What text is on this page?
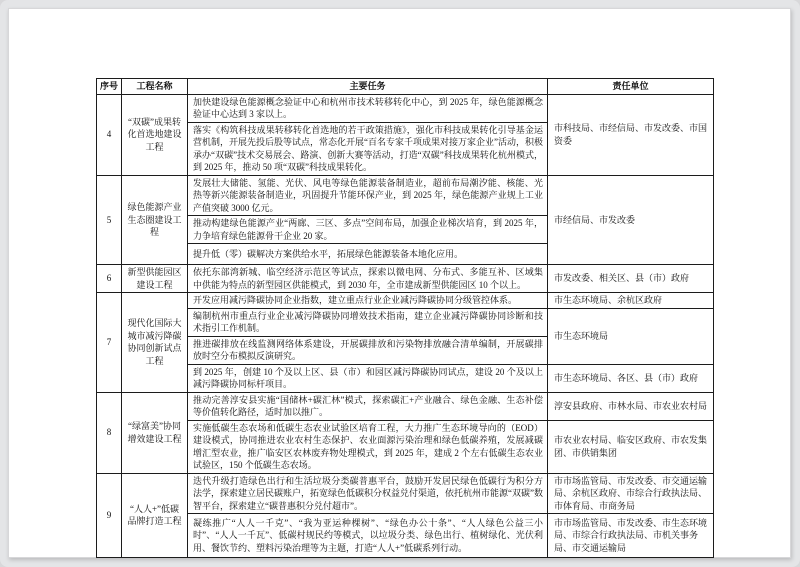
序号	工程名称	主要任务	责任单位
4	“双碳”成果转化首选地建设工程	加快建设绿色能源概念验证中心和杭州市技术转移转化中心，到 2025 年，绿色能源概念验证中心达到 3 家以上。	市科技局、市经信局、市发改委、市国资委
		落实《构筑科技成果转移转化首选地的若干政策措施》，强化市科技成果转化引导基金运营机制，开展先投后股等试点，常态化开展“百名专家千项成果对接万家企业”活动，积极承办“双碳”技术交易展会、路演、创新大赛等活动，打造“双碳”科技成果转化杭州模式，到 2025 年，推动 50 项“双碳”科技成果转化。	
5	绿色能源产业生态圈建设工程	发展壮大储能、氢能、光伏、风电等绿色能源装备制造业，超前布局潮汐能、核能、光热等新兴能源装备制造业，巩固提升节能环保产业，到 2025 年，绿色能源产业规上工业产值突破 3000 亿元。	市经信局、市发改委
		推动构建绿色能源产业“两廊、三区、多点”空间布局，加强企业梯次培育，到 2025 年，力争培育绿色能源骨干企业 20 家。	
		提升低（零）碳解决方案供给水平，拓展绿色能源装备本地化应用。	
6	新型供能园区建设工程	依托东部湾新城、临空经济示范区等试点，探索以微电网、分布式、多能互补、区域集中供能为特点的新型园区供能模式，到 2030 年，全市建成新型供能园区 10 个以上。	市发改委、相关区、县（市）政府
7	现代化国际大城市减污降碳协同创新试点工程	开发应用减污降碳协同企业指数，建立重点行业企业减污降碳协同分级管控体系。	市生态环境局、余杭区政府
		编制杭州市重点行业企业减污降碳协同增效技术指南，建立企业减污降碳协同诊断和技术指引工作机制。	市生态环境局
		推进碳排放在线监测网络体系建设，开展碳排放和污染物排放融合清单编制，开展碳排放时空分布模拟反演研究。	
		到 2025 年，创建 10 个及以上区、县（市）和园区减污降碳协同试点，建设 20 个及以上减污降碳协同标杆项目。	市生态环境局、各区、县（市）政府
8	“绿富美”协同增效建设工程	推动完善淳安县实施“国储林+碳汇林”模式，探索碳汇+产业融合、绿色金融、生态补偿等价值转化路径，适时加以推广。	淳安县政府、市林水局、市农业农村局
		实施低碳生态农场和低碳生态农业试验区培育工程，大力推广生态环境导向的（EOD）建设模式，协同推进农业农村生态保护、农业面源污染治理和绿色低碳养殖，发展减碳增汇型农业，推广临安区农林废弃物处理模式，到 2025 年，建成 2 个左右低碳生态农业试验区，150 个低碳生态农场。	市农业农村局、临安区政府、市农发集团、市供销集团
9	“人人+”低碳品牌打造工程	迭代升级打造绿色出行和生活垃圾分类碳普惠平台，鼓励开发居民绿色低碳行为积分方法学，探索建立居民碳账户，拓宽绿色低碳积分权益兑付渠道，依托杭州市能源“双碳”数智平台，探索建立“碳普惠积分兑付超市”。	市市场监管局、市发改委、市交通运输局、余杭区政府、市综合行政执法局、市体育局、市商务局
		凝练推广“人人一千克”、“我为亚运种棵树”、“绿色办公十条”、“人人绿色公益三小时”、“人人一千瓦”、低碳村规民约等模式，以垃圾分类、绿色出行、植树绿化、光伏利用、餐饮节约、塑料污染治理等为主题，打造“人人+”低碳系列行动。	市市场监管局、市发改委、市生态环境局、市综合行政执法局、市机关事务局、市交通运输局
